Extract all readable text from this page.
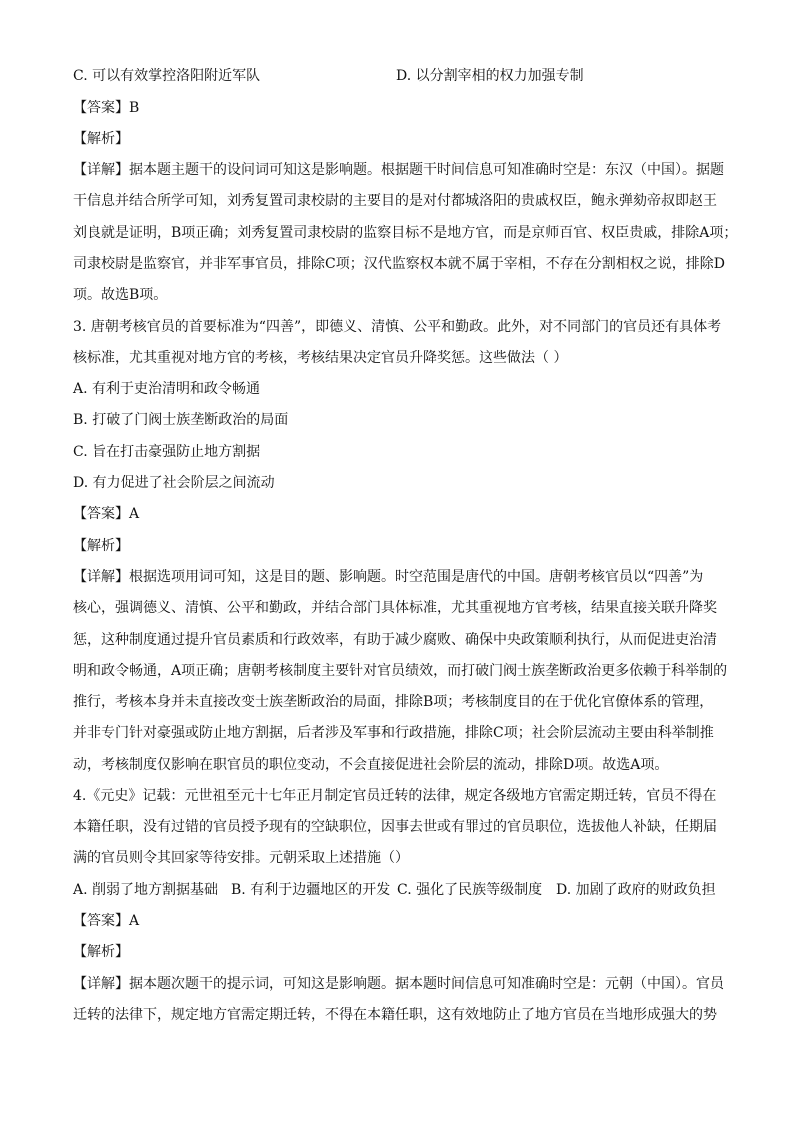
C. 可以有效掌控洛阳附近军队	D. 以分割宰相的权力加强专制
【答案】B
【解析】
【详解】据本题主题干的设问词可知这是影响题。根据题干时间信息可知准确时空是：东汉（中国）。据题
干信息并结合所学可知，刘秀复置司隶校尉的主要目的是对付都城洛阳的贵戚权臣，鲍永弹劾帝叔即赵王
刘良就是证明，B项正确；刘秀复置司隶校尉的监察目标不是地方官，而是京师百官、权臣贵戚，排除A项；
司隶校尉是监察官，并非军事官员，排除C项；汉代监察权本就不属于宰相，不存在分割相权之说，排除D
项。故选B项。
3. 唐朝考核官员的首要标准为“四善”，即德义、清慎、公平和勤政。此外，对不同部门的官员还有具体考
核标准，尤其重视对地方官的考核，考核结果决定官员升降奖惩。这些做法（ ）
A. 有利于吏治清明和政令畅通
B. 打破了门阀士族垄断政治的局面
C. 旨在打击豪强防止地方割据
D. 有力促进了社会阶层之间流动
【答案】A
【解析】
【详解】根据选项用词可知，这是目的题、影响题。时空范围是唐代的中国。唐朝考核官员以“四善”为
核心，强调德义、清慎、公平和勤政，并结合部门具体标准，尤其重视地方官考核，结果直接关联升降奖
惩，这种制度通过提升官员素质和行政效率，有助于减少腐败、确保中央政策顺利执行，从而促进吏治清
明和政令畅通，A项正确；唐朝考核制度主要针对官员绩效，而打破门阀士族垄断政治更多依赖于科举制的
推行，考核本身并未直接改变士族垄断政治的局面，排除B项；考核制度目的在于优化官僚体系的管理，
并非专门针对豪强或防止地方割据，后者涉及军事和行政措施，排除C项；社会阶层流动主要由科举制推
动，考核制度仅影响在职官员的职位变动，不会直接促进社会阶层的流动，排除D项。故选A项。
4.《元史》记载：元世祖至元十七年正月制定官员迁转的法律，规定各级地方官需定期迁转，官员不得在
本籍任职，没有过错的官员授予现有的空缺职位，因事去世或有罪过的官员职位，选拔他人补缺，任期届
满的官员则令其回家等待安排。元朝采取上述措施（）
A. 削弱了地方割据基础 B. 有利于边疆地区的开发 C. 强化了民族等级制度 D. 加剧了政府的财政负担
【答案】A
【解析】
【详解】据本题次题干的提示词，可知这是影响题。据本题时间信息可知准确时空是：元朝（中国）。官员
迁转的法律下，规定地方官需定期迁转，不得在本籍任职，这有效地防止了地方官员在当地形成强大的势
